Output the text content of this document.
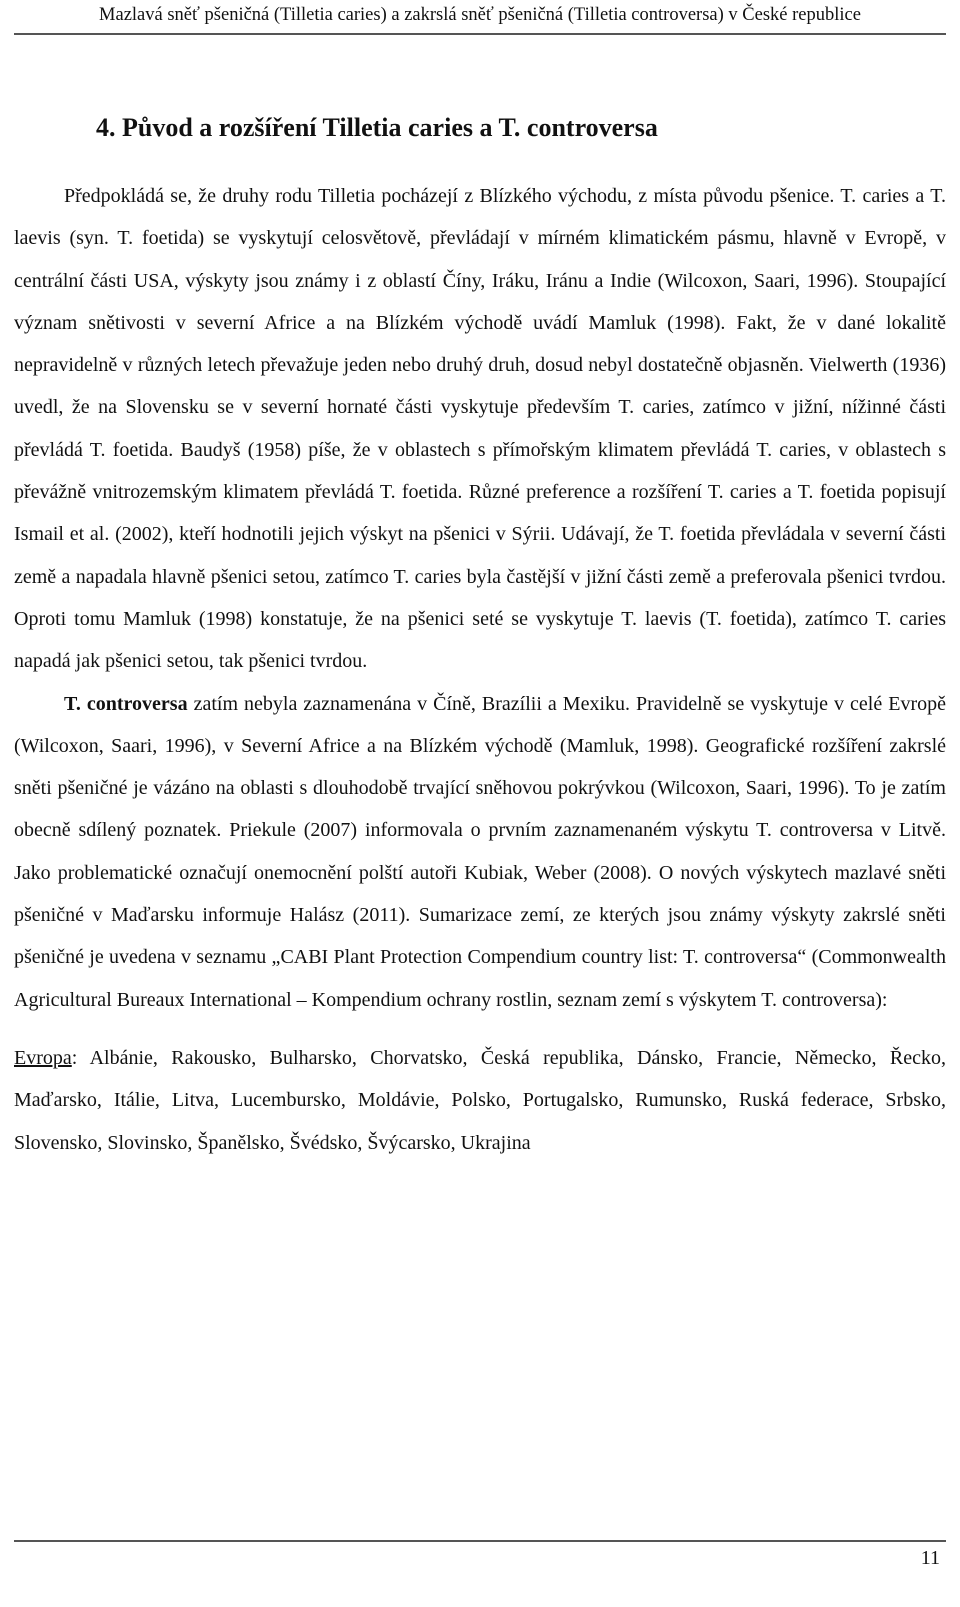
Mazlavá sněť pšeničná (Tilletia caries) a zakrslá sněť pšeničná (Tilletia controversa) v České republice
4. Původ a rozšíření Tilletia caries a T. controversa

Předpokládá se, že druhy rodu Tilletia pocházejí z Blízkého východu, z místa původu pšenice. T. caries a T. laevis (syn. T. foetida) se vyskytují celosvětově, převládají v mírném klimatickém pásmu, hlavně v Evropě, v centrální části USA, výskyty jsou známy i z oblastí Číny, Iráku, Iránu a Indie (Wilcoxon, Saari, 1996). Stoupající význam snětivosti v severní Africe a na Blízkém východě uvádí Mamluk (1998). Fakt, že v dané lokalitě nepravidelně v různých letech převažuje jeden nebo druhý druh, dosud nebyl dostatečně objasněn. Vielwerth (1936) uvedl, že na Slovensku se v severní hornaté části vyskytuje především T. caries, zatímco v jižní, nížinné části převládá T. foetida. Baudyš (1958) píše, že v oblastech s přímořským klimatem převládá T. caries, v oblastech s převážně vnitrozemským klimatem převládá T. foetida. Různé preference a rozšíření T. caries a T. foetida popisují Ismail et al. (2002), kteří hodnotili jejich výskyt na pšenici v Sýrii. Udávají, že T. foetida převládala v severní části země a napadala hlavně pšenici setou, zatímco T. caries byla častější v jižní části země a preferovala pšenici tvrdou. Oproti tomu Mamluk (1998) konstatuje, že na pšenici seté se vyskytuje T. laevis (T. foetida), zatímco T. caries napadá jak pšenici setou, tak pšenici tvrdou.

T. controversa zatím nebyla zaznamenána v Číně, Brazílii a Mexiku. Pravidelně se vyskytuje v celé Evropě (Wilcoxon, Saari, 1996), v Severní Africe a na Blízkém východě (Mamluk, 1998). Geografické rozšíření zakrslé sněti pšeničné je vázáno na oblasti s dlouhodobě trvající sněhovou pokrývkou (Wilcoxon, Saari, 1996). To je zatím obecně sdílený poznatek. Priekule (2007) informovala o prvním zaznamenaném výskytu T. controversa v Litvě. Jako problematické označují onemocnění polští autoři Kubiak, Weber (2008). O nových výskytech mazlavé sněti pšeničné v Maďarsku informuje Halász (2011). Sumarizace zemí, ze kterých jsou známy výskyty zakrslé sněti pšeničné je uvedena v seznamu „CABI Plant Protection Compendium country list: T. controversa“ (Commonwealth Agricultural Bureaux International – Kompendium ochrany rostlin, seznam zemí s výskytem T. controversa):

Evropa: Albánie, Rakousko, Bulharsko, Chorvatsko, Česká republika, Dánsko, Francie, Německo, Řecko, Maďarsko, Itálie, Litva, Lucembursko, Moldávie, Polsko, Portugalsko, Rumunsko, Ruská federace, Srbsko, Slovensko, Slovinsko, Španělsko, Švédsko, Švýcarsko, Ukrajina

11
